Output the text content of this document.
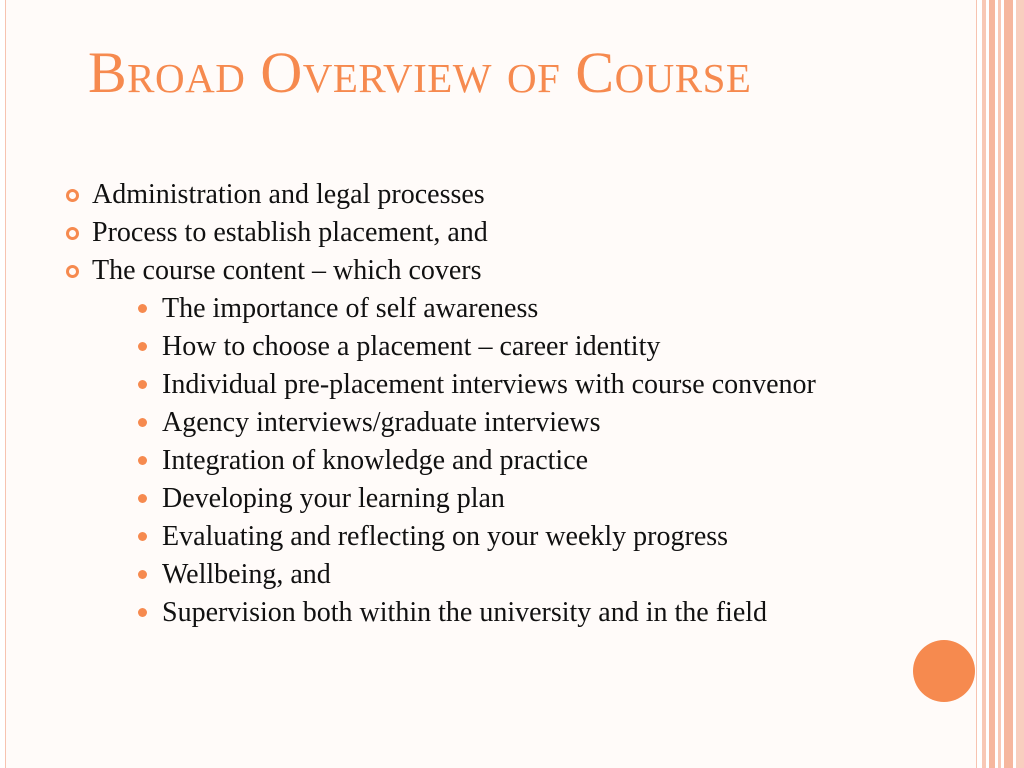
Broad Overview of Course
Administration and legal processes
Process to establish placement, and
The course content – which covers
The importance of self awareness
How to choose a placement – career identity
Individual pre-placement interviews with course convenor
Agency interviews/graduate interviews
Integration of knowledge and practice
Developing your learning plan
Evaluating and reflecting on your weekly progress
Wellbeing, and
Supervision both within the university and in the field
